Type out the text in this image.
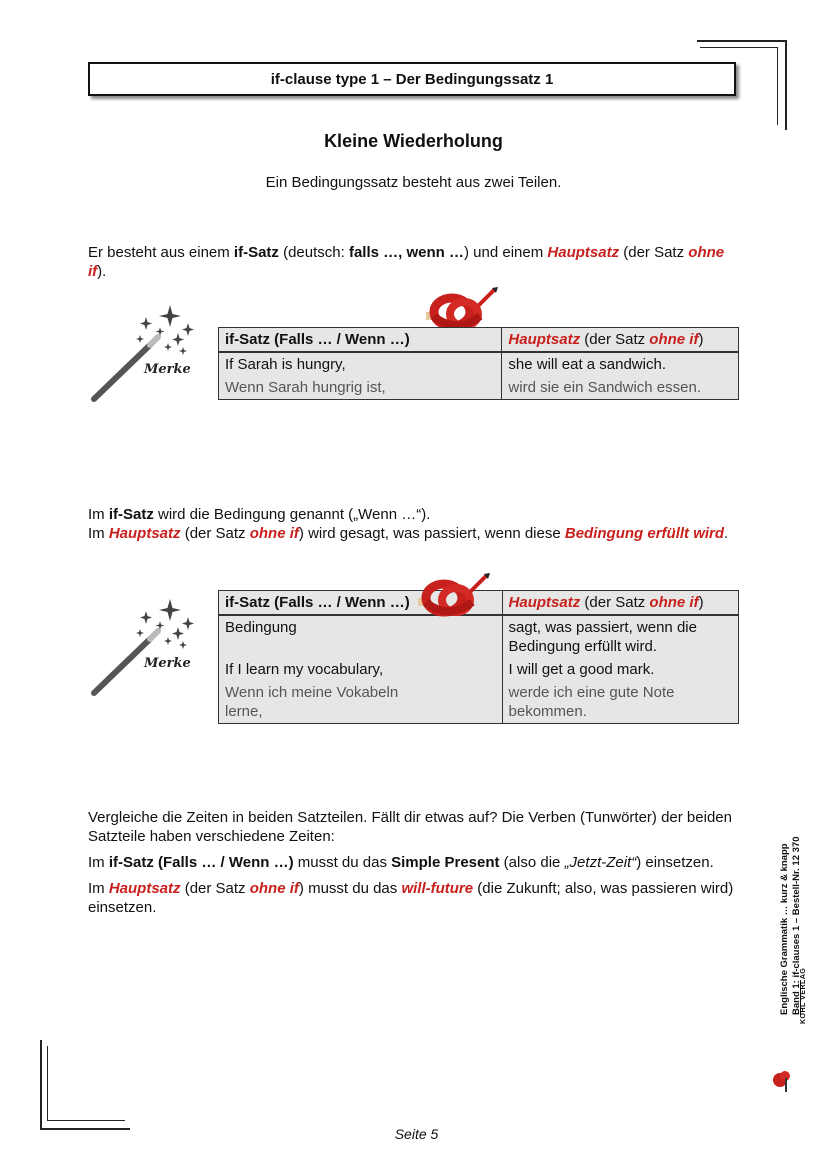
if-clause type 1 – Der Bedingungssatz 1
Kleine Wiederholung
Ein Bedingungssatz besteht aus zwei Teilen.
Er besteht aus einem if-Satz (deutsch: falls …, wenn …) und einem Hauptsatz (der Satz ohne if).
Merke
if-Satz (Falls … / Wenn …)	Hauptsatz (der Satz ohne if)
If Sarah is hungry,	she will eat a sandwich.
Wenn Sarah hungrig ist,	wird sie ein Sandwich essen.
Im if-Satz wird die Bedingung genannt („Wenn …“).
Im Hauptsatz (der Satz ohne if) wird gesagt, was passiert, wenn diese Bedingung erfüllt wird.
Merke
if-Satz (Falls … / Wenn …)	Hauptsatz (der Satz ohne if)
Bedingung	sagt, was passiert, wenn die Bedingung erfüllt wird.
If I learn my vocabulary,	I will get a good mark.
Wenn ich meine Vokabeln lerne,	werde ich eine gute Note bekommen.
Vergleiche die Zeiten in beiden Satzteilen. Fällt dir etwas auf? Die Verben (Tunwörter) der beiden Satzteile haben verschiedene Zeiten:
Im if-Satz (Falls … / Wenn …) musst du das Simple Present (also die „Jetzt-Zeit“) einsetzen.
Im Hauptsatz (der Satz ohne if) musst du das will-future (die Zukunft; also, was passieren wird) einsetzen.	Englische Grammatik … kurz & knapp Band 1: if-clauses 1 – Bestell-Nr. 12 370
KOHL VERLAG
Seite 5
